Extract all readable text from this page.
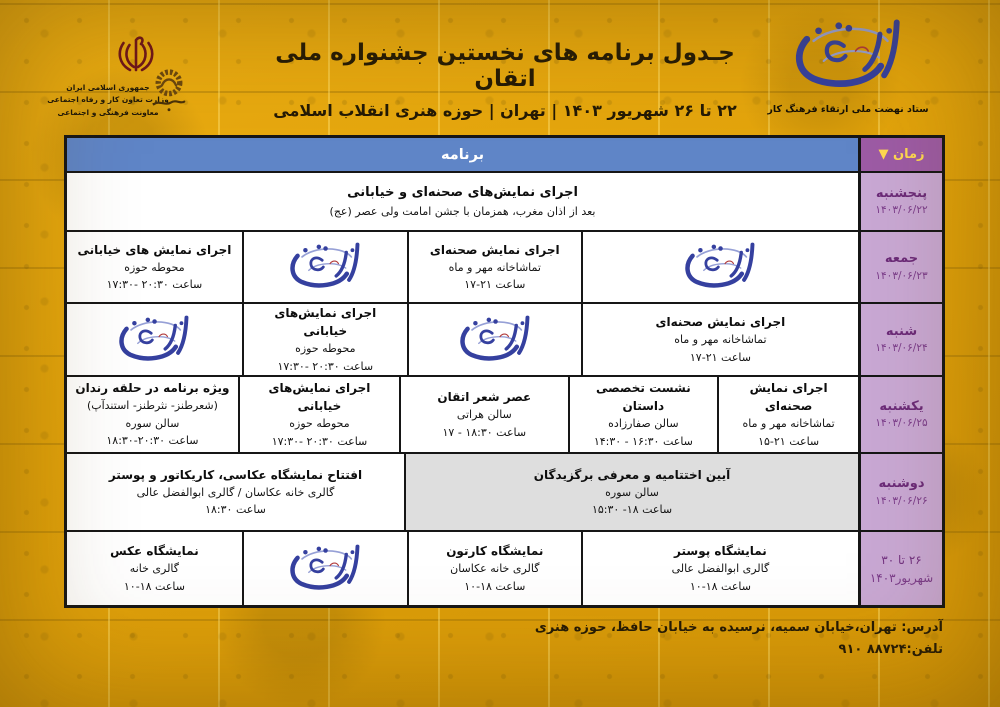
جمهوری اسلامی ایران
وزارت تعاون کار و رفاه اجتماعی
معاونت فرهنگی و اجتماعی
جـدول برنامه های نخستین جشنواره ملی اتقان
۲۲ تا ۲۶ شهریور ۱۴۰۳ | تهران | حوزه هنری انقلاب اسلامی	ستاد نهضت ملی ارتقاء فرهنگ کار
زمان ▼
پنجشنبه
۱۴۰۳/۰۶/۲۲
جمعه
۱۴۰۳/۰۶/۲۳
شنبه
۱۴۰۳/۰۶/۲۴
یکشنبه
۱۴۰۳/۰۶/۲۵
دوشنبه
۱۴۰۳/۰۶/۲۶
۲۶ تا ۳۰
شهریور۱۴۰۳
برنامه
اجرای نمایش‌های صحنه‌ای و خیابانی
بعد از اذان مغرب، همزمان با جشن امامت ولی عصر (عج)
اجرای نمایش صحنه‌ای
تماشاخانه مهر و ماه
ساعت ۲۱-۱۷
اجرای نمایش های خیابانی
محوطه حوزه
ساعت ۲۰:۳۰ -۱۷:۳۰
اجرای نمایش صحنه‌ای
تماشاخانه مهر و ماه
ساعت ۲۱-۱۷
اجرای نمایش‌های خیابانی
محوطه حوزه
ساعت ۲۰:۳۰ -۱۷:۳۰
اجرای نمایش صحنه‌ای
تماشاخانه مهر و ماه
ساعت ۲۱-۱۵
نشست تخصصی داستان
سالن صفارزاده
ساعت ۱۶:۳۰ - ۱۴:۳۰
عصر شعر اتقان
سالن هراتی
ساعت ۱۸:۳۰ - ۱۷
اجرای نمایش‌های خیابانی
محوطه حوزه
ساعت ۲۰:۳۰ -۱۷:۳۰
ویژه برنامه در حلقه رندان
(شعرطنز- نثرطنز- استندآپ)
سالن سوره
ساعت ۲۰:۳۰-۱۸:۳۰
آیین اختتامیه و معرفی برگزیدگان
سالن سوره
ساعت ۱۸- ۱۵:۳۰
افتتاح نمایشگاه عکاسی، کاریکاتور و پوستر
گالری خانه عکاسان / گالری ابوالفضل عالی
ساعت ۱۸:۳۰
نمایشگاه پوستر
گالری ابوالفضل عالی
ساعت ۱۸-۱۰
نمایشگاه کارتون
گالری خانه عکاسان
ساعت ۱۸-۱۰
نمایشگاه عکس
گالری خانه
ساعت ۱۸-۱۰
آدرس: تهران،خیابان سمیه، نرسیده به خیابان حافظ، حوزه هنری
تلفن:۸۸۷۲۴ ۹۱۰
